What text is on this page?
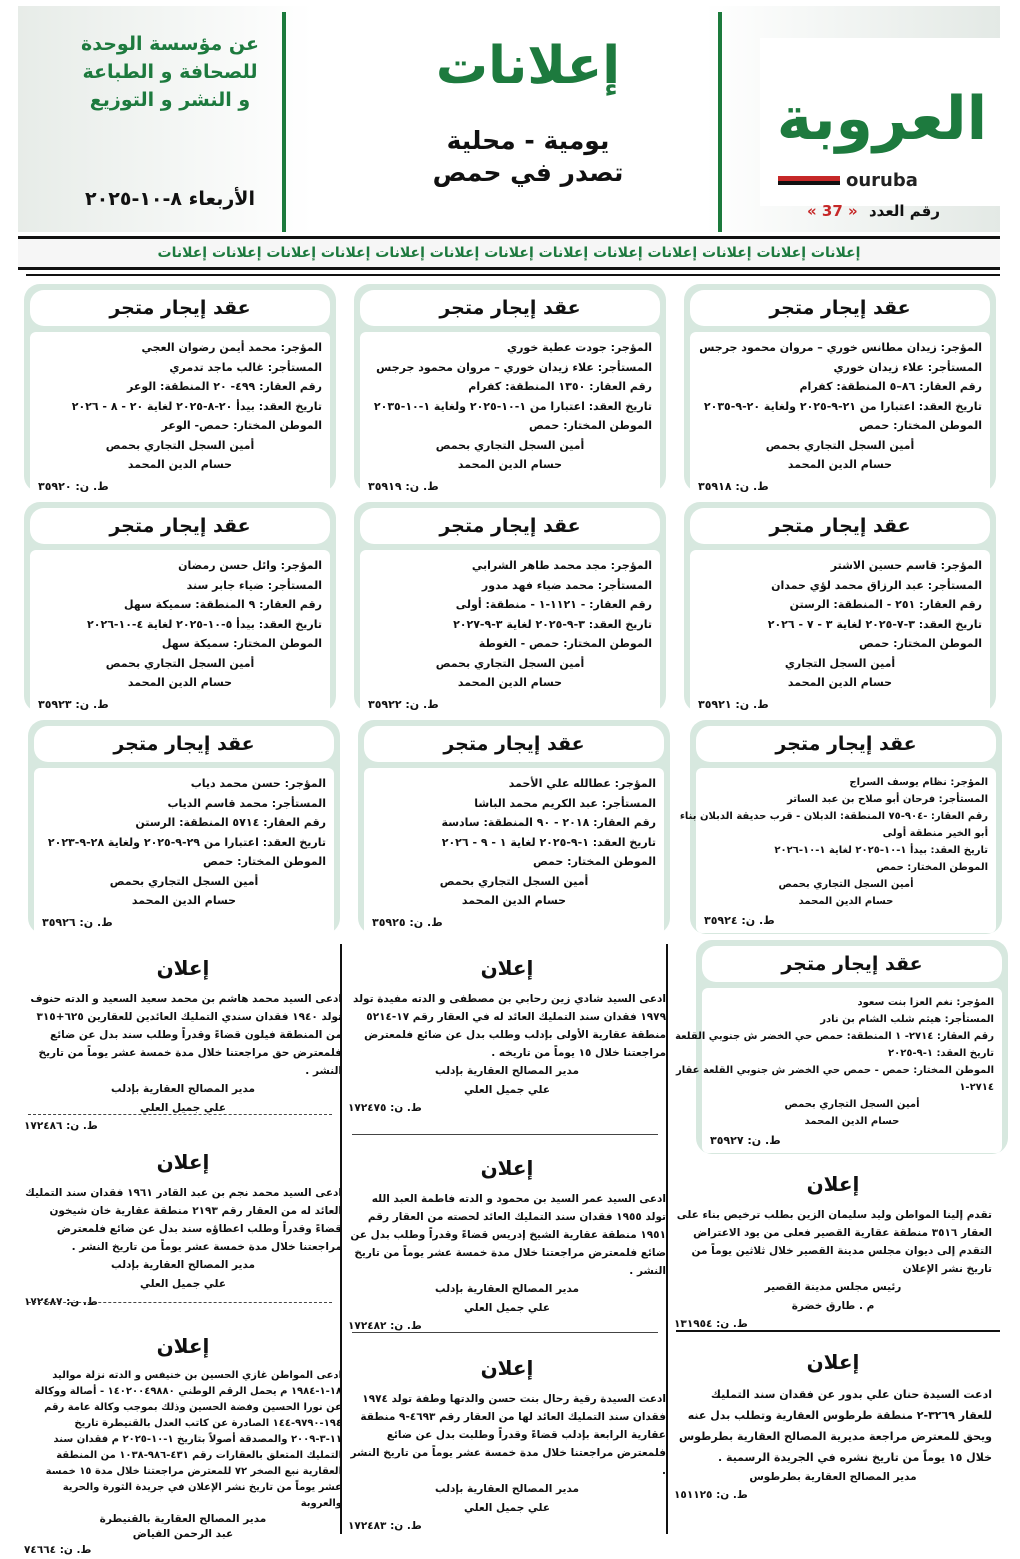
العروبة
ouruba
رقم العدد « 37 »
إعلانات
يومية - محلية
تصدر في حمص
عن مؤسسة الوحدة
للصحافة و الطباعة
و النشر و التوزيع
الأربعاء ٨-١٠-٢٠٢٥
إعلانات إعلانات إعلانات إعلانات إعلانات إعلانات إعلانات إعلانات إعلانات إعلانات إعلانات إعلانات إعلانات
عقد إيجار متجر
المؤجر: زيدان مطانس خوري – مروان محمود جرجس
المستأجر: علاء زيدان خوري
رقم العقار: ٨٦–٥ المنطقة: كفرام
تاريخ العقد: اعتبارا من ٢١-٩-٢٠٢٥ ولغاية ٢٠-٩-٢٠٣٥
الموطن المختار: حمص
أمين السجل التجاري بحمص
حسام الدين المحمد
ط. ن: ٣٥٩١٨
عقد إيجار متجر
المؤجر: جودت عطية خوري
المستأجر: علاء زيدان خوري – مروان محمود جرجس
رقم العقار: ١٣٥٠ المنطقة: كفرام
تاريخ العقد: اعتبارا من ١-١٠-٢٠٢٥ ولغاية ١-١٠-٢٠٣٥
الموطن المختار: حمص
أمين السجل التجاري بحمص
حسام الدين المحمد
ط. ن: ٣٥٩١٩
عقد إيجار متجر
المؤجر: محمد أيمن رضوان العجي
المستأجر: غالب ماجد تدمري
رقم العقار: ٤٩٩- ٢٠ المنطقة: الوعر
تاريخ العقد: بيدأ ٢٠-٨-٢٠٢٥ لغاية ٢٠ - ٨ - ٢٠٢٦
الموطن المختار: حمص- الوعر
أمين السجل التجاري بحمص
حسام الدين المحمد
ط. ن: ٣٥٩٢٠
عقد إيجار متجر
المؤجر: قاسم حسين الاشتر
المستأجر: عبد الرزاق محمد لؤي حمدان
رقم العقار: ٢٥١ - المنطقة: الرستن
تاريخ العقد: ٣-٧-٢٠٢٥ لغاية ٣ - ٧ - ٢٠٢٦
الموطن المختار: حمص
أمين السجل التجاري
حسام الدين المحمد
ط. ن: ٣٥٩٢١
عقد إيجار متجر
المؤجر: مجد محمد طاهر الشرابي
المستأجر: محمد ضياء فهد مدور
رقم العقار: - ١١٢١-١ - منطقة: أولى
تاريخ العقد: ٣-٩-٢٠٢٥ لغاية ٣-٩-٢٠٢٧
الموطن المختار: حمص - الغوطة
أمين السجل التجاري بحمص
حسام الدين المحمد
ط. ن: ٣٥٩٢٢
عقد إيجار متجر
المؤجر: وائل حسن رمضان
المستأجر: ضياء جابر سند
رقم العقار: ٩ المنطقة: سميكة سهل
تاريخ العقد: بيدأ ٥-١٠-٢٠٢٥ لغاية ٤-١٠-٢٠٢٦
الموطن المختار: سميكة سهل
أمين السجل التجاري بحمص
حسام الدين المحمد
ط. ن: ٣٥٩٢٣
عقد إيجار متجر
المؤجر: نظام يوسف السراج
المستأجر: فرحان أبو صلاح بن عبد الساتر
رقم العقار: -٩٠٤-٧٥ المنطقة: الدبلان - قرب حديقة الدبلان بناء
أبو الخير منطقة أولى
تاريخ العقد: بيدأ ١-١٠-٢٠٢٥ لغاية ١-١٠-٢٠٢٦
الموطن المختار: حمص
أمين السجل التجاري بحمص
حسام الدين المحمد
ط. ن: ٣٥٩٢٤
عقد إيجار متجر
المؤجر: عطالله علي الأحمد
المستأجر: عبد الكريم محمد الباشا
رقم العقار: ٢٠١٨ - ٩٠ المنطقة: سادسة
تاريخ العقد: ١-٩-٢٠٢٥ لغاية ١ - ٩ - ٢٠٢٦
الموطن المختار: حمص
أمين السجل التجاري بحمص
حسام الدين المحمد
ط. ن: ٣٥٩٢٥
عقد إيجار متجر
المؤجر: حسن محمد دياب
المستأجر: محمد قاسم الدياب
رقم العقار: ٥٧١٤ المنطقة: الرستن
تاريخ العقد: اعتبارا من ٢٩-٩-٢٠٢٥ ولغاية ٢٨-٩-٢٠٢٣
الموطن المختار: حمص
أمين السجل التجاري بحمص
حسام الدين المحمد
ط. ن: ٣٥٩٢٦
عقد إيجار متجر
المؤجر: نغم العزا بنت سعود
المستأجر: هيثم شلب الشام بن نادر
رقم العقار: ٢٧١٤- ١ المنطقة: حمص حي الخضر ش جنوبي القلعة
تاريخ العقد: ١-٩-٢٠٢٥
الموطن المختار: حمص - حمص حي الخضر ش جنوبي القلعة عقار
٢٧١٤-١
أمين السجل التجاري بحمص
حسام الدين المحمد
ط. ن: ٣٥٩٢٧
إعلان

ادعى السيد محمد هاشم بن محمد سعيد السعيد و الدته حنوف تولد ١٩٤٠ فقدان سندي التمليك العائدين للعقارين ٦٢٥+٣١٥ من المنطقة فيلون قضاءً وقدراً وطلب سند بدل عن ضائع فلمعترض حق مراجعتنا خلال مدة خمسة عشر يوماً من تاريخ النشر .

مدير المصالح العقارية بإدلب
علي جميل العلي
ط. ن: ١٧٢٤٨٦
إعلان

ادعى السيد محمد نجم بن عبد القادر ١٩٦١ فقدان سند التمليك العائد له من العقار رقم ٢١٩٣ منطقة عقارية خان شيخون قضاءً وقدراً وطلب اعطاؤه سند بدل عن ضائع فلمعترض مراجعتنا خلال مدة خمسة عشر يوماً من تاريخ النشر .

مدير المصالح العقارية بإدلب
علي جميل العلي
ط. ن: ١٧٢٤٨٧
إعلان

ادعى المواطن غازي الحسين بن خنيفس و الدته نزلة مواليد ١٨-١-١٩٨٤ م يحمل الرقم الوطني ١٤٠٢٠٠٤٩٨٨٠ - أصالة ووكالة عن نورا الحسين وفضة الحسين وذلك بموجب وكالة عامة رقم ١٩٤-٩٧٩٠-١٤٤ الصادرة عن كاتب العدل بالقنيطرة تاريخ ١١-٣-٢٠٠٩ والمصدقة أصولاً بتاريخ ١-١٠-٢٠٢٥ م فقدان سند التمليك المتعلق بالعقارات رقم ٤٣١-٩٨٦-١٠٣٨ من المنطقة العقارية نبع الصخر ٧٢ للمعترض مراجعتنا خلال مدة ١٥ خمسة عشر يوماً من تاريخ نشر الإعلان في جريدة الثورة والحرية والعروبة

مدير المصالح العقارية بالقنيطرة
عبد الرحمن الفياض
ط. ن: ٧٤٦٦٤
إعلان

ادعى السيد شادي زين رحابي بن مصطفى و الدته مفيدة تولد ١٩٧٩ فقدان سند التمليك العائد له في العقار رقم ١٧-٥٢١٤ منطقة عقارية الأولى بإدلب وطلب بدل عن ضائع فلمعترض مراجعتنا خلال ١٥ يوماً من تاريخه .

مدير المصالح العقارية بإدلب
علي جميل العلي
ط. ن: ١٧٢٤٧٥
إعلان

ادعى السيد عمر السيد بن محمود و الدته فاطمة العبد الله تولد ١٩٥٥ فقدان سند التمليك العائد لحصته من العقار رقم ١٩٥١ منطقة عقارية الشيخ إدريس قضاءً وقدراً وطلب بدل عن ضائع فلمعترض مراجعتنا خلال مدة خمسة عشر يوماً من تاريخ النشر .

مدير المصالح العقارية بإدلب
علي جميل العلي
ط. ن: ١٧٢٤٨٢
إعلان

ادعت السيدة رقية رحال بنت حسن والدتها وطفة تولد ١٩٧٤ فقدان سند التمليك العائد لها من العقار رقم ٤٦٩٣-٩ منطقة عقارية الرابعة بإدلب قضاءً وقدراً وطلبت بدل عن ضائع فلمعترض مراجعتنا خلال مدة خمسة عشر يوماً من تاريخ النشر .

مدير المصالح العقارية بإدلب
علي جميل العلي
ط. ن: ١٧٢٤٨٣
إعلان

تقدم إلينا المواطن وليد سليمان الزين بطلب ترخيص بناء على العقار ٣٥١٦ منطقة عقارية القصير فعلى من يود الاعتراض التقدم إلى ديوان مجلس مدينة القصير خلال ثلاثين يوماً من تاريخ نشر الإعلان

رئيس مجلس مدينة القصير
م . طارق خضرة
ط. ن: ١٣١٩٥٤
إعلان

ادعت السيدة حنان علي بدور عن فقدان سند التمليك للعقار ٣٢٦٩-٢ منطقة طرطوس العقارية وتطلب بدل عنه ويحق للمعترض مراجعة مديرية المصالح العقارية بطرطوس خلال ١٥ يوماً من تاريخ نشره في الجريدة الرسمية .

مدير المصالح العقارية بطرطوس
ط. ن: ١٥١١٢٥
